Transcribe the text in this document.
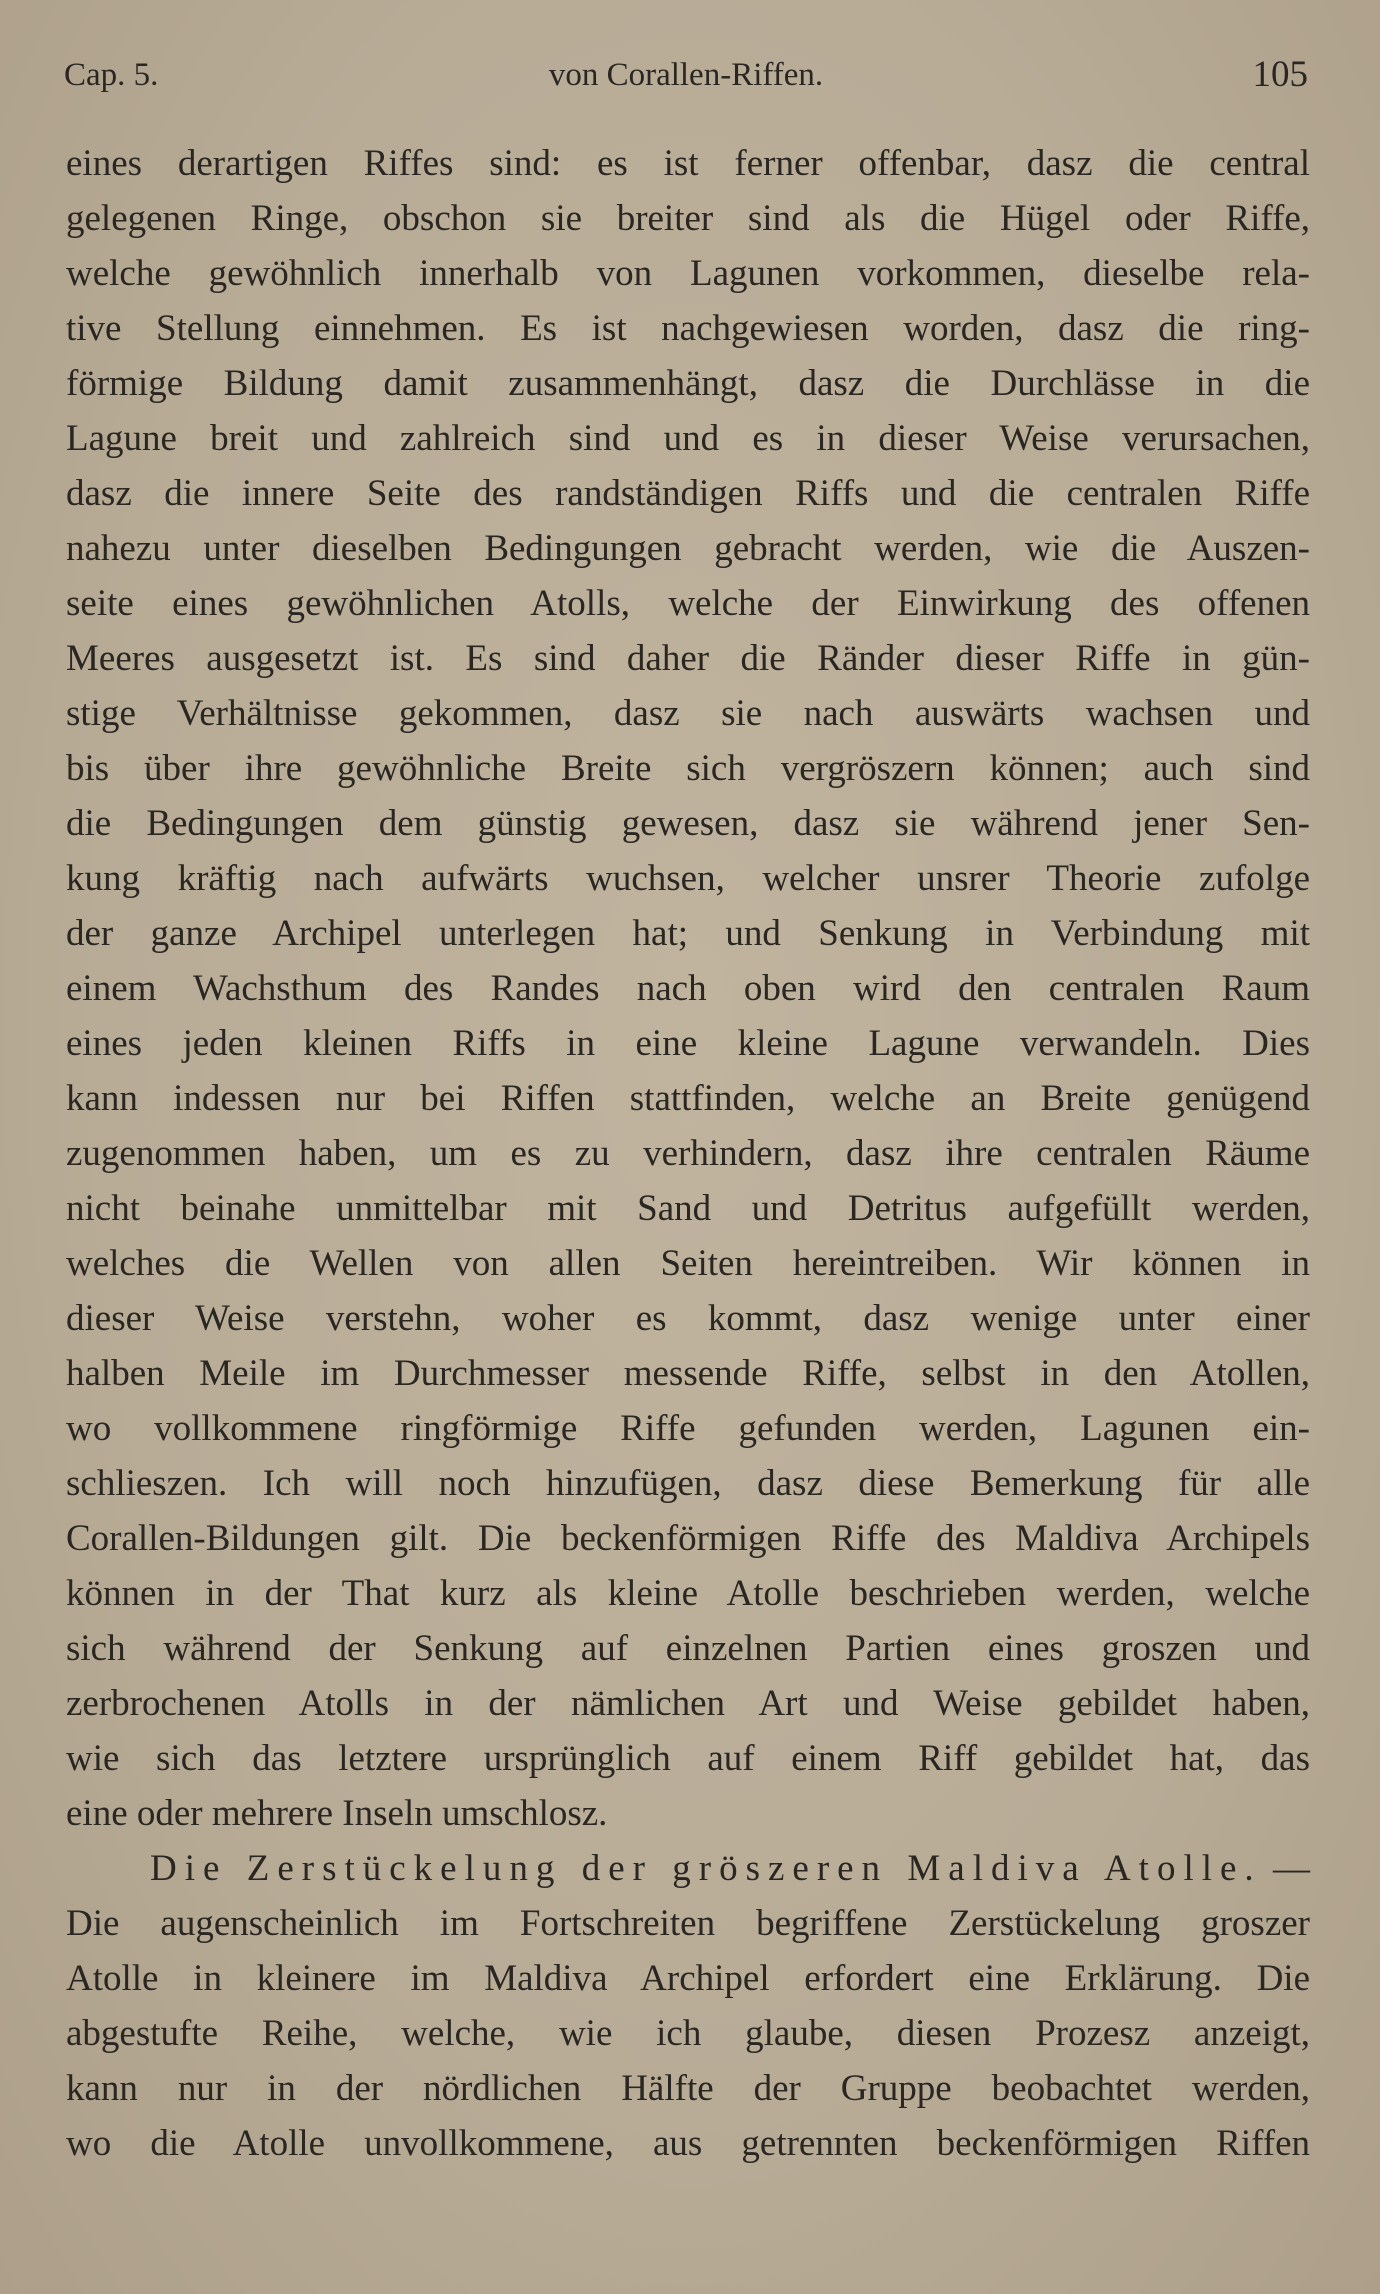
Cap. 5.	von Corallen-Riffen.	105
eines derartigen Riffes sind: es ist ferner offenbar, dasz die central
gelegenen Ringe, obschon sie breiter sind als die Hügel oder Riffe,
welche gewöhnlich innerhalb von Lagunen vorkommen, dieselbe rela-
tive Stellung einnehmen. Es ist nachgewiesen worden, dasz die ring-
förmige Bildung damit zusammenhängt, dasz die Durchlässe in die
Lagune breit und zahlreich sind und es in dieser Weise verursachen,
dasz die innere Seite des randständigen Riffs und die centralen Riffe
nahezu unter dieselben Bedingungen gebracht werden, wie die Auszen-
seite eines gewöhnlichen Atolls, welche der Einwirkung des offenen
Meeres ausgesetzt ist. Es sind daher die Ränder dieser Riffe in gün-
stige Verhältnisse gekommen, dasz sie nach auswärts wachsen und
bis über ihre gewöhnliche Breite sich vergröszern können; auch sind
die Bedingungen dem günstig gewesen, dasz sie während jener Sen-
kung kräftig nach aufwärts wuchsen, welcher unsrer Theorie zufolge
der ganze Archipel unterlegen hat; und Senkung in Verbindung mit
einem Wachsthum des Randes nach oben wird den centralen Raum
eines jeden kleinen Riffs in eine kleine Lagune verwandeln. Dies
kann indessen nur bei Riffen stattfinden, welche an Breite genügend
zugenommen haben, um es zu verhindern, dasz ihre centralen Räume
nicht beinahe unmittelbar mit Sand und Detritus aufgefüllt werden,
welches die Wellen von allen Seiten hereintreiben. Wir können in
dieser Weise verstehn, woher es kommt, dasz wenige unter einer
halben Meile im Durchmesser messende Riffe, selbst in den Atollen,
wo vollkommene ringförmige Riffe gefunden werden, Lagunen ein-
schlieszen. Ich will noch hinzufügen, dasz diese Bemerkung für alle
Corallen-Bildungen gilt. Die beckenförmigen Riffe des Maldiva Archipels
können in der That kurz als kleine Atolle beschrieben werden, welche
sich während der Senkung auf einzelnen Partien eines groszen und
zerbrochenen Atolls in der nämlichen Art und Weise gebildet haben,
wie sich das letztere ursprünglich auf einem Riff gebildet hat, das
eine oder mehrere Inseln umschlosz.
Die Zerstückelung der gröszeren Maldiva Atolle. —
Die augenscheinlich im Fortschreiten begriffene Zerstückelung groszer
Atolle in kleinere im Maldiva Archipel erfordert eine Erklärung. Die
abgestufte Reihe, welche, wie ich glaube, diesen Prozesz anzeigt,
kann nur in der nördlichen Hälfte der Gruppe beobachtet werden,
wo die Atolle unvollkommene, aus getrennten beckenförmigen Riffen
